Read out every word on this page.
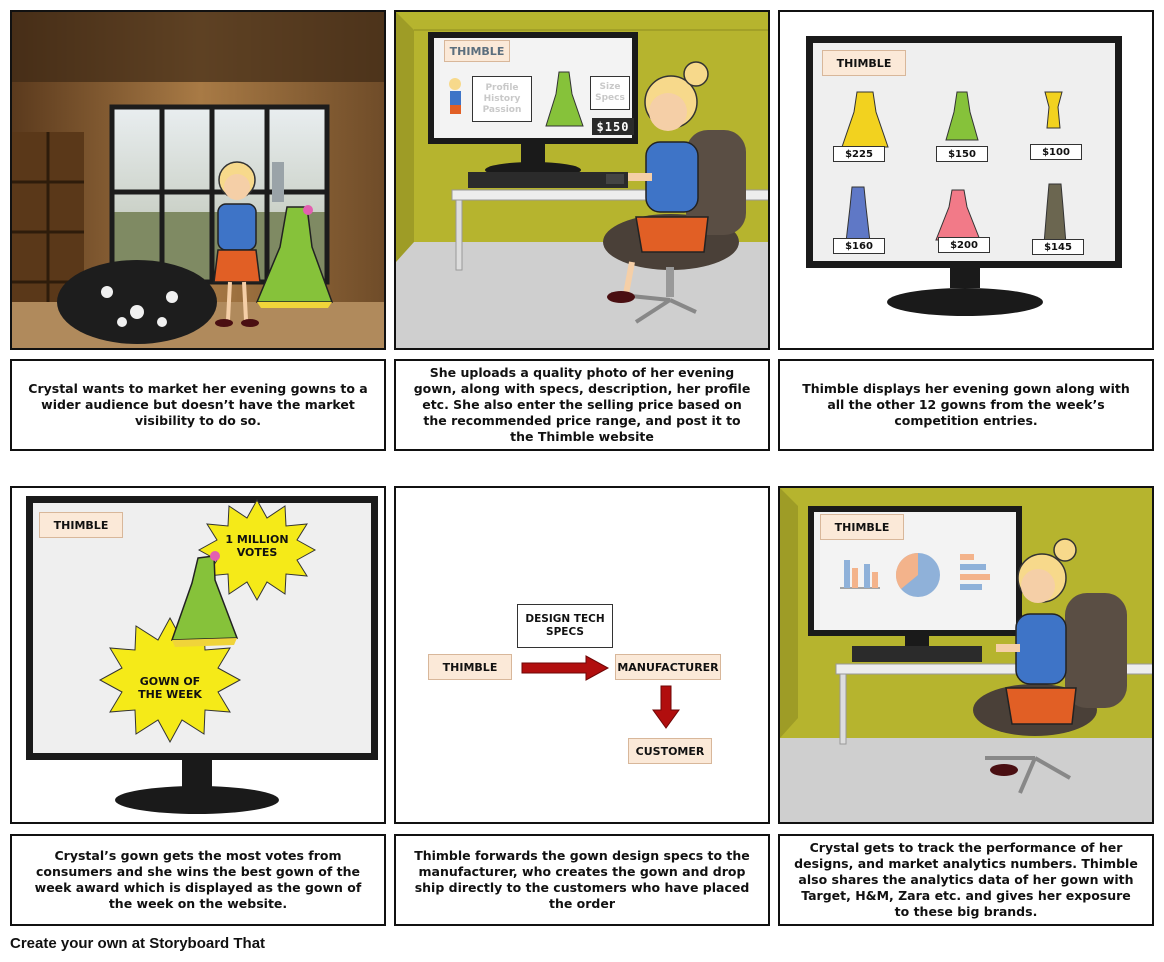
THIMBLE
Profile
History
Passion
Size
Specs
$150
THIMBLE
$225	$150	$100
$160	$200	$145
Crystal wants to market her evening gowns to a wider audience but doesn’t have the market visibility to do so.
She uploads a quality photo of her evening gown, along with specs, description, her profile etc. She also enter the selling price based on the recommended price range, and post it to the Thimble website
Thimble displays her evening gown along with all the other 12 gowns from the week’s competition entries.
THIMBLE
1 MILLION
VOTES
GOWN OF
THE WEEK
DESIGN TECH
SPECS
THIMBLE	MANUFACTURER
CUSTOMER
THIMBLE
Crystal’s gown gets the most votes from consumers and she wins the best gown of the week award which is displayed as the gown of the week on the website.
Thimble forwards the gown design specs to the manufacturer, who creates the gown and drop ship directly to the customers who have placed the order
Crystal gets to track the performance of her designs, and market analytics numbers. Thimble also shares the analytics data of her gown with Target, H&M, Zara etc. and gives her exposure to these big brands.
Create your own at Storyboard That
